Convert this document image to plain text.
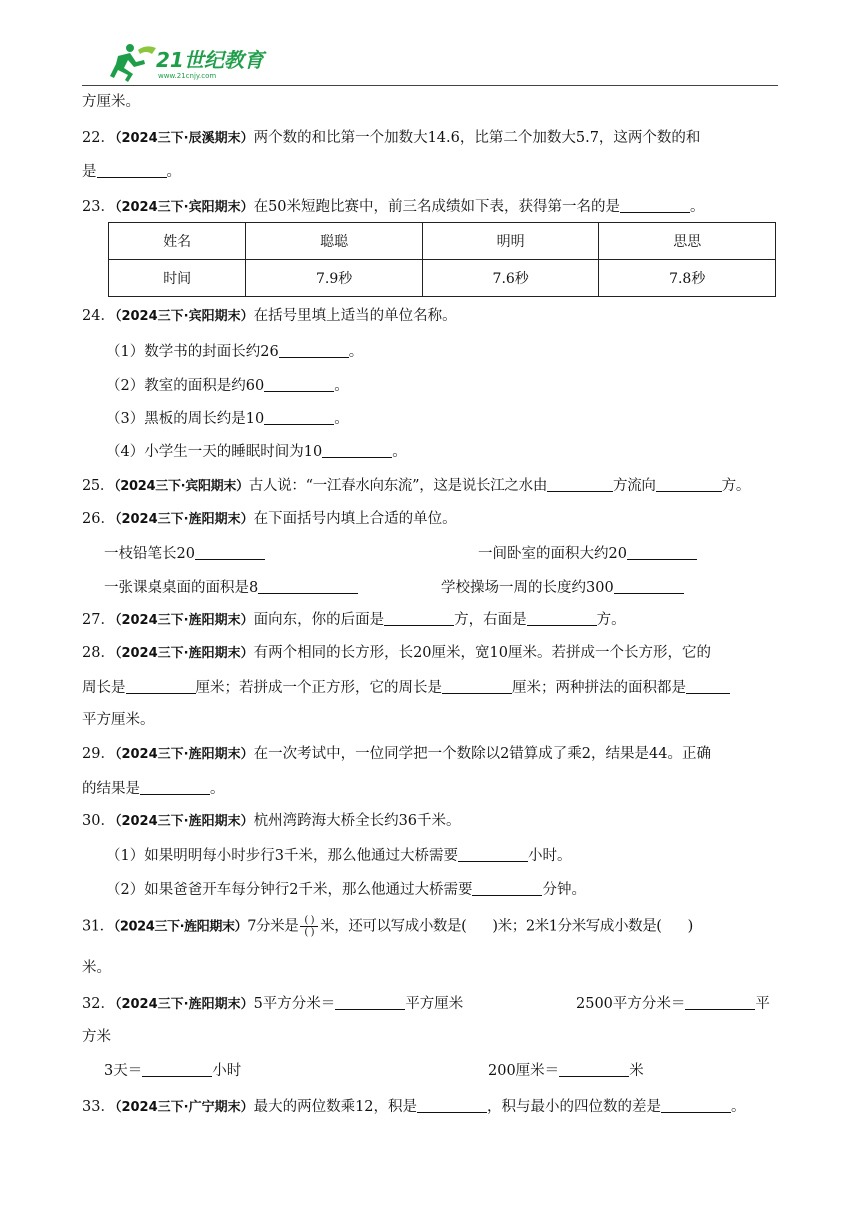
21世纪教育
www.21cnjy.com
方厘米。
22．（2024三下·辰溪期末）两个数的和比第一个加数大14.6，比第二个加数大5.7，这两个数的和
是	。
23．（2024三下·宾阳期末）在50米短跑比赛中，前三名成绩如下表，获得第一名的是	。
姓名	聪聪	明明	思思
时间	7.9秒	7.6秒	7.8秒
24．（2024三下·宾阳期末）在括号里填上适当的单位名称。
（1）数学书的封面长约26	。
（2）教室的面积是约60	。
（3）黑板的周长约是10	。
（4）小学生一天的睡眠时间为10	。
25．（2024三下·宾阳期末）古人说：“一江春水向东流”，这是说长江之水由	方流向	方。
26．（2024三下·旌阳期末）在下面括号内填上合适的单位。
一枝铅笔长20	一间卧室的面积大约20
一张课桌桌面的面积是8	学校操场一周的长度约300
27．（2024三下·旌阳期末）面向东，你的后面是	方，右面是	方。
28．（2024三下·旌阳期末）有两个相同的长方形，长20厘米，宽10厘米。若拼成一个长方形，它的
周长是	厘米；若拼成一个正方形，它的周长是	厘米；两种拼法的面积都是
平方厘米。
29．（2024三下·旌阳期末）在一次考试中，一位同学把一个数除以2错算成了乘2，结果是44。正确
的结果是	。
30．（2024三下·旌阳期末）杭州湾跨海大桥全长约36千米。
（1）如果明明每小时步行3千米，那么他通过大桥需要	小时。
（2）如果爸爸开车每分钟行2千米，那么他通过大桥需要	分钟。
31．（2024三下·旌阳期末）7分米是 $\frac{( )}{( )}$ 米，还可以写成小数是( )米；2米1分米写成小数是( )
米。
32．（2024三下·旌阳期末）5平方分米＝	平方厘米	2500平方分米＝	平
方米
3天＝	小时	200厘米＝	米
33．（2024三下·广宁期末）最大的两位数乘12，积是	，积与最小的四位数的差是	。
